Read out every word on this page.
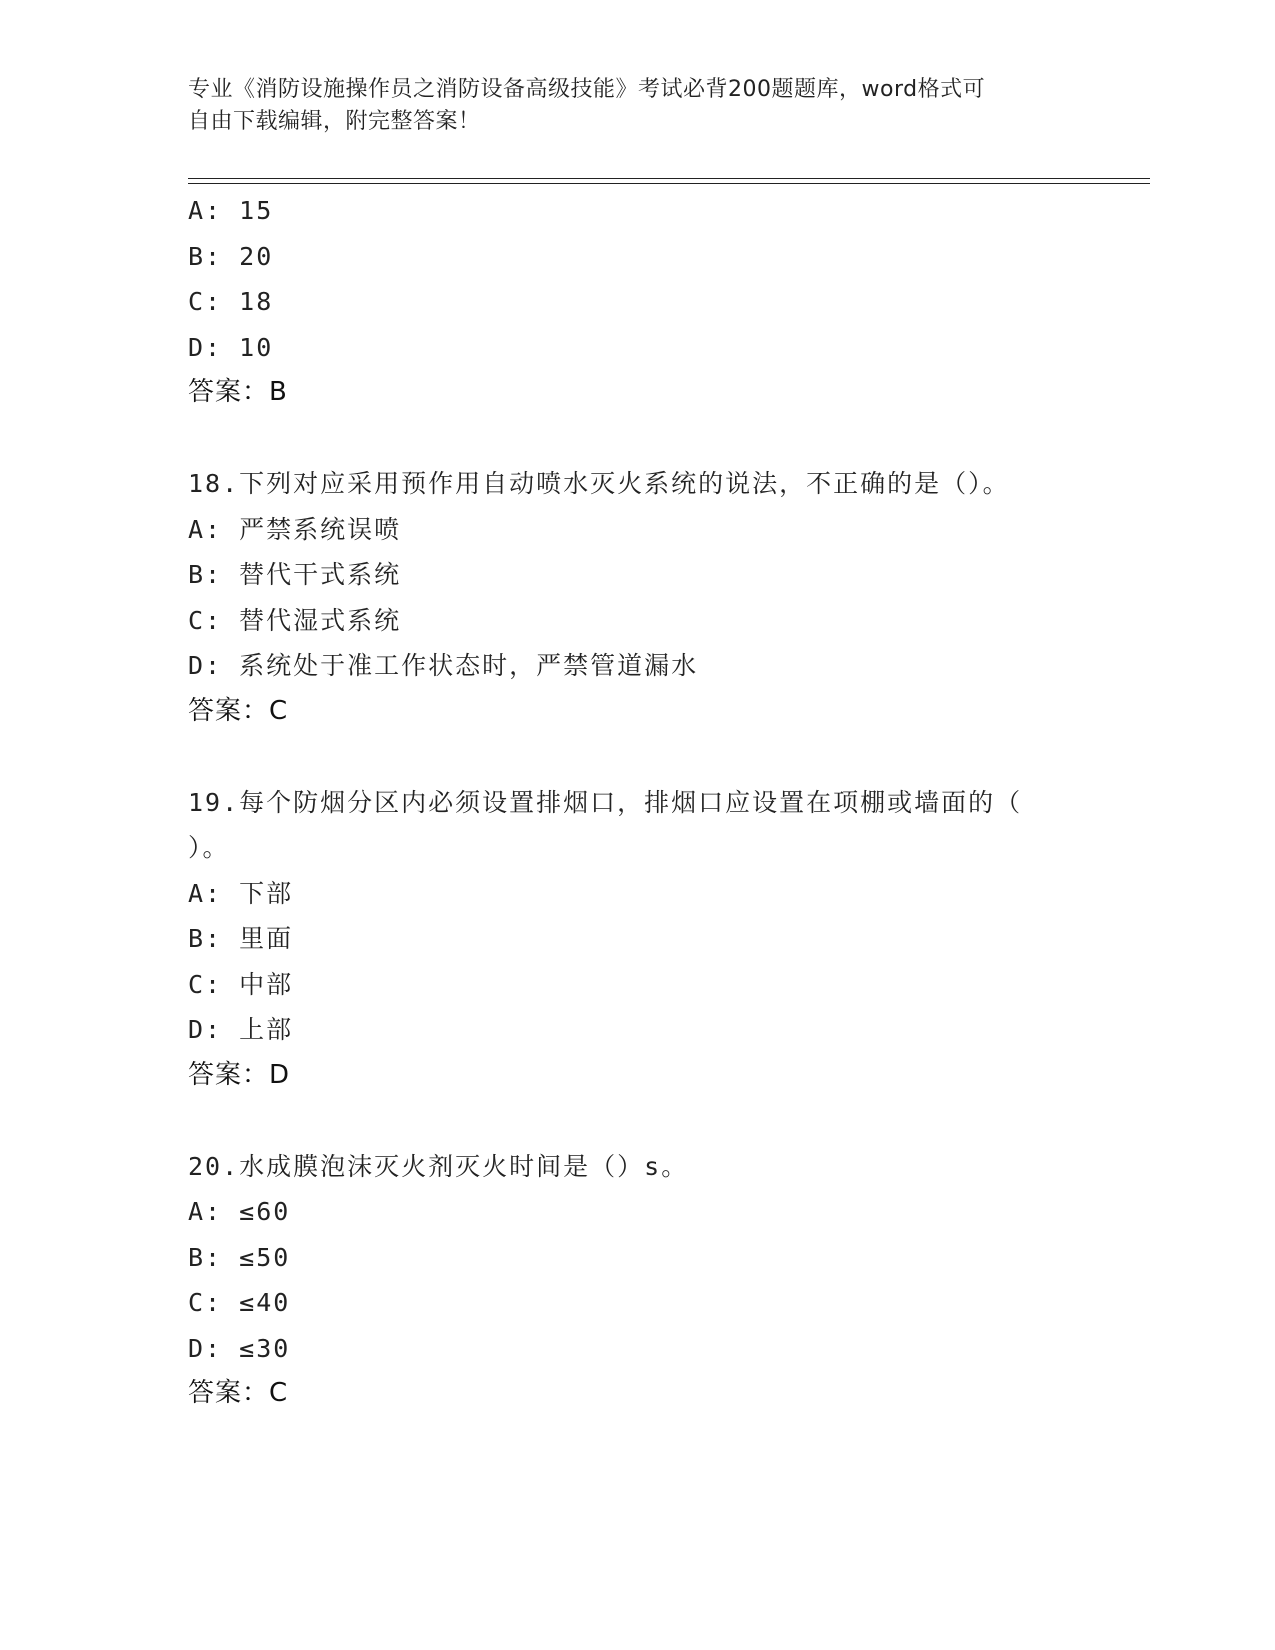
专业《消防设施操作员之消防设备高级技能》考试必背200题题库，word格式可
自由下载编辑，附完整答案！
A: 15
B: 20
C: 18
D: 10
答案：B
18.下列对应采用预作用自动喷水灭火系统的说法，不正确的是（）。
A: 严禁系统误喷
B: 替代干式系统
C: 替代湿式系统
D: 系统处于准工作状态时，严禁管道漏水
答案：C
19.每个防烟分区内必须设置排烟口，排烟口应设置在项棚或墙面的（
）。
A: 下部
B: 里面
C: 中部
D: 上部
答案：D
20.水成膜泡沫灭火剂灭火时间是（）s。
A: ≤60
B: ≤50
C: ≤40
D: ≤30
答案：C
